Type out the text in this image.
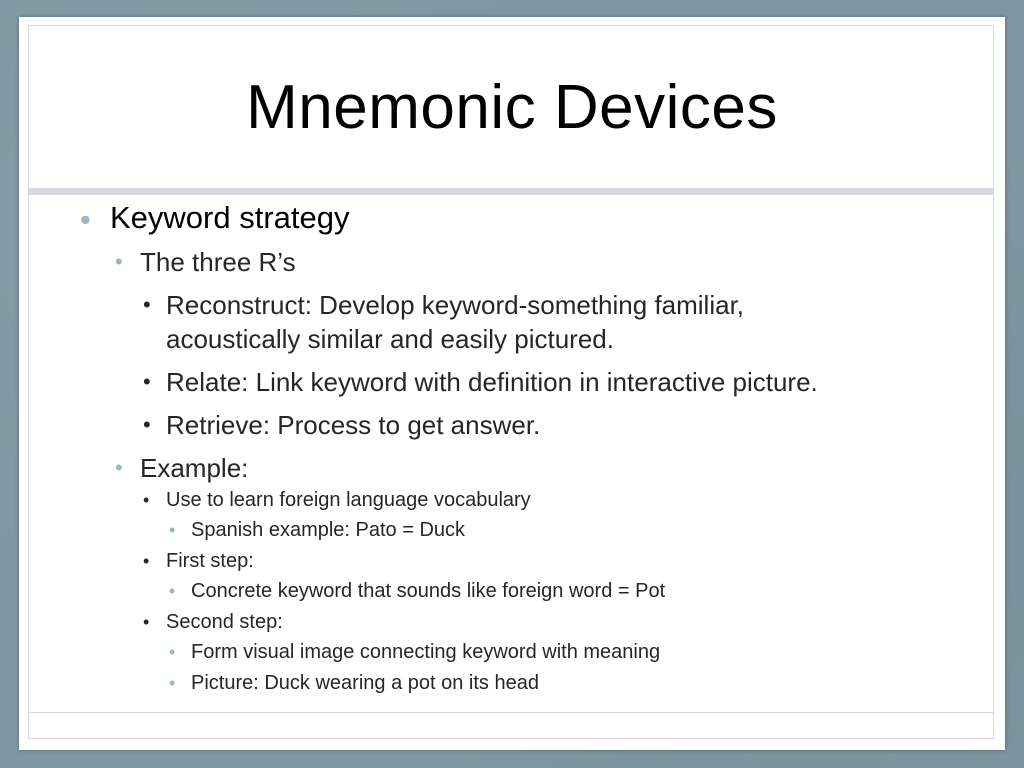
Mnemonic Devices
• Keyword strategy
• The three R’s
• Reconstruct: Develop keyword-something familiar,
acoustically similar and easily pictured.
• Relate: Link keyword with definition in interactive picture.
• Retrieve: Process to get answer.
• Example:
• Use to learn foreign language vocabulary
• Spanish example: Pato = Duck
• First step:
• Concrete keyword that sounds like foreign word = Pot
• Second step:
• Form visual image connecting keyword with meaning
• Picture: Duck wearing a pot on its head
